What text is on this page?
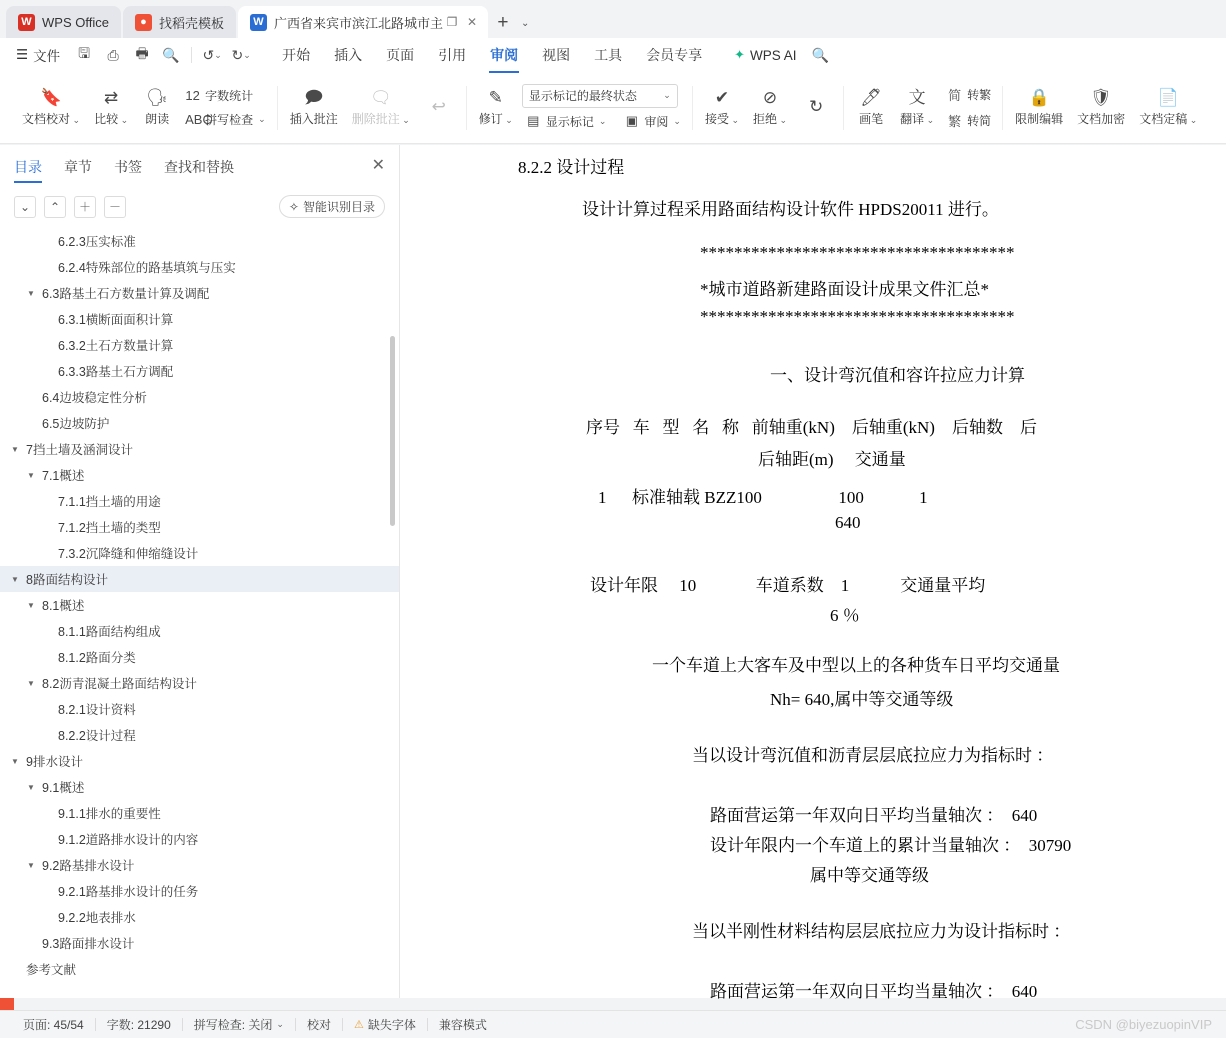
W WPS Office	● 找稻壳模板	W 广西省来宾市滨江北路城市主 ❐ ✕	+	⌄
☰ 文件	🖫	⎙	🖶 🔍	↺ ⌄ ↻ ⌄	开始	插入	页面	引用	审阅	视图	工具	会员专享	✦ WPS AI	🔍
🔖
文档校对 ⌄
⇄
比较 ⌄
🗣
朗读
12 字数统计
ABC
拼写检查 ⌄
🗩
插入批注
🗨
删除批注 ⌄
↩	✎
修订 ⌄
显示标记的最终状态	⌄
▤ 显示标记 ⌄ ▣ 审阅 ⌄
✔
接受 ⌄
⊘
拒绝 ⌄
↻ 🖊
画笔
文
翻译 ⌄
简 转繁
繁 转简
🔒
限制编辑
🛡
文档加密
📄
文档定稿 ⌄
目录 章节 书签 查找和替换	✕
⌄	⌃	＋	－	✧ 智能识别目录
6.2.3压实标准
6.2.4特殊部位的路基填筑与压实
▼ 6.3路基土石方数量计算及调配
6.3.1横断面面积计算
6.3.2土石方数量计算
6.3.3路基土石方调配
6.4边坡稳定性分析
6.5边坡防护
▼ 7挡土墙及涵洞设计
▼ 7.1概述
7.1.1挡土墙的用途
7.1.2挡土墙的类型
7.3.2沉降缝和伸缩缝设计
▼ 8路面结构设计
▼ 8.1概述
8.1.1路面结构组成
8.1.2路面分类
▼ 8.2沥青混凝土路面结构设计
8.2.1设计资料
8.2.2设计过程
▼ 9排水设计
▼ 9.1概述
9.1.1排水的重要性
9.1.2道路排水设计的内容
▼ 9.2路基排水设计
9.2.1路基排水设计的任务
9.2.2地表排水
9.3路面排水设计
参考文献
8.2.2 设计过程
设计计算过程采用路面结构设计软件 HPDS20011 进行。
*************************************
*城市道路新建路面设计成果文件汇总*
*************************************
一、设计弯沉值和容许拉应力计算
序号   车   型   名   称   前轴重(kN)    后轴重(kN)    后轴数    后
后轴距(m)     交通量
1      标准轴载 BZZ100                  100             1
640
设计年限     10              车道系数    1            交通量平均
6 ％
一个车道上大客车及中型以上的各种货车日平均交通量
Nh= 640,属中等交通等级
当以设计弯沉值和沥青层层底拉应力为指标时 ：
路面营运第一年双向日平均当量轴次 ：  640
设计年限内一个车道上的累计当量轴次 ：  30790
属中等交通等级
当以半刚性材料结构层层底拉应力为设计指标时 ：
路面营运第一年双向日平均当量轴次 ：  640
页面: 45/54	字数: 21290	拼写检查: 关闭 ⌄	校对	⚠ 缺失字体	兼容模式	CSDN @biyezuopinVIP
